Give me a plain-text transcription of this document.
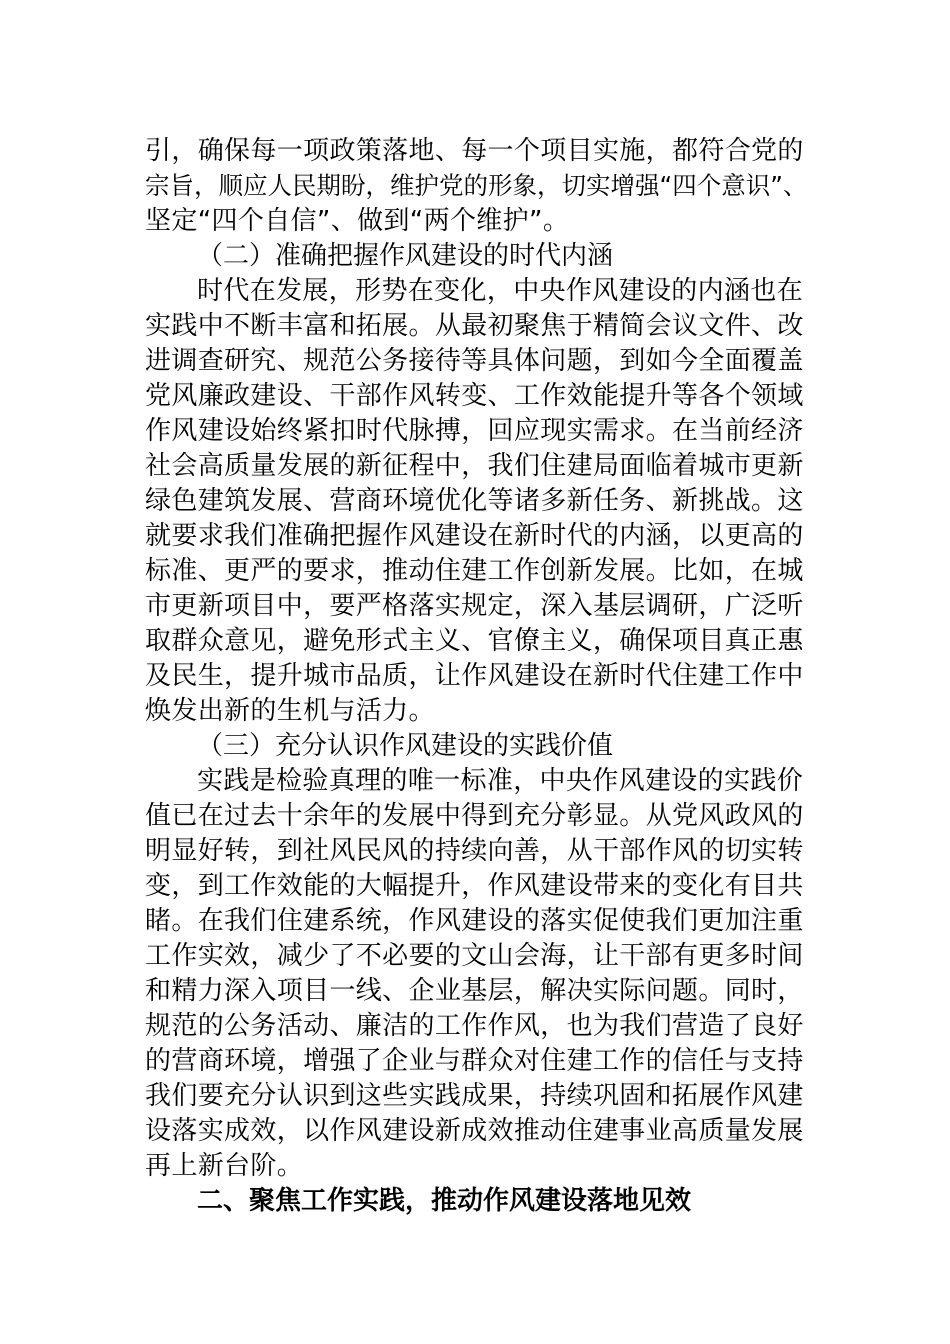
引，确保每一项政策落地、每一个项目实施，都符合党的
宗旨，顺应人民期盼，维护党的形象，切实增强“四个意识”、
坚定“四个自信”、做到“两个维护”。
（二）准确把握作风建设的时代内涵
时代在发展，形势在变化，中央作风建设的内涵也在
实践中不断丰富和拓展。从最初聚焦于精简会议文件、改
进调查研究、规范公务接待等具体问题，到如今全面覆盖
党风廉政建设、干部作风转变、工作效能提升等各个领域
作风建设始终紧扣时代脉搏，回应现实需求。在当前经济
社会高质量发展的新征程中，我们住建局面临着城市更新
绿色建筑发展、营商环境优化等诸多新任务、新挑战。这
就要求我们准确把握作风建设在新时代的内涵，以更高的
标准、更严的要求，推动住建工作创新发展。比如，在城
市更新项目中，要严格落实规定，深入基层调研，广泛听
取群众意见，避免形式主义、官僚主义，确保项目真正惠
及民生，提升城市品质，让作风建设在新时代住建工作中
焕发出新的生机与活力。
（三）充分认识作风建设的实践价值
实践是检验真理的唯一标准，中央作风建设的实践价
值已在过去十余年的发展中得到充分彰显。从党风政风的
明显好转，到社风民风的持续向善，从干部作风的切实转
变，到工作效能的大幅提升，作风建设带来的变化有目共
睹。在我们住建系统，作风建设的落实促使我们更加注重
工作实效，减少了不必要的文山会海，让干部有更多时间
和精力深入项目一线、企业基层，解决实际问题。同时，
规范的公务活动、廉洁的工作作风，也为我们营造了良好
的营商环境，增强了企业与群众对住建工作的信任与支持
我们要充分认识到这些实践成果，持续巩固和拓展作风建
设落实成效，以作风建设新成效推动住建事业高质量发展
再上新台阶。
二、聚焦工作实践，推动作风建设落地见效
